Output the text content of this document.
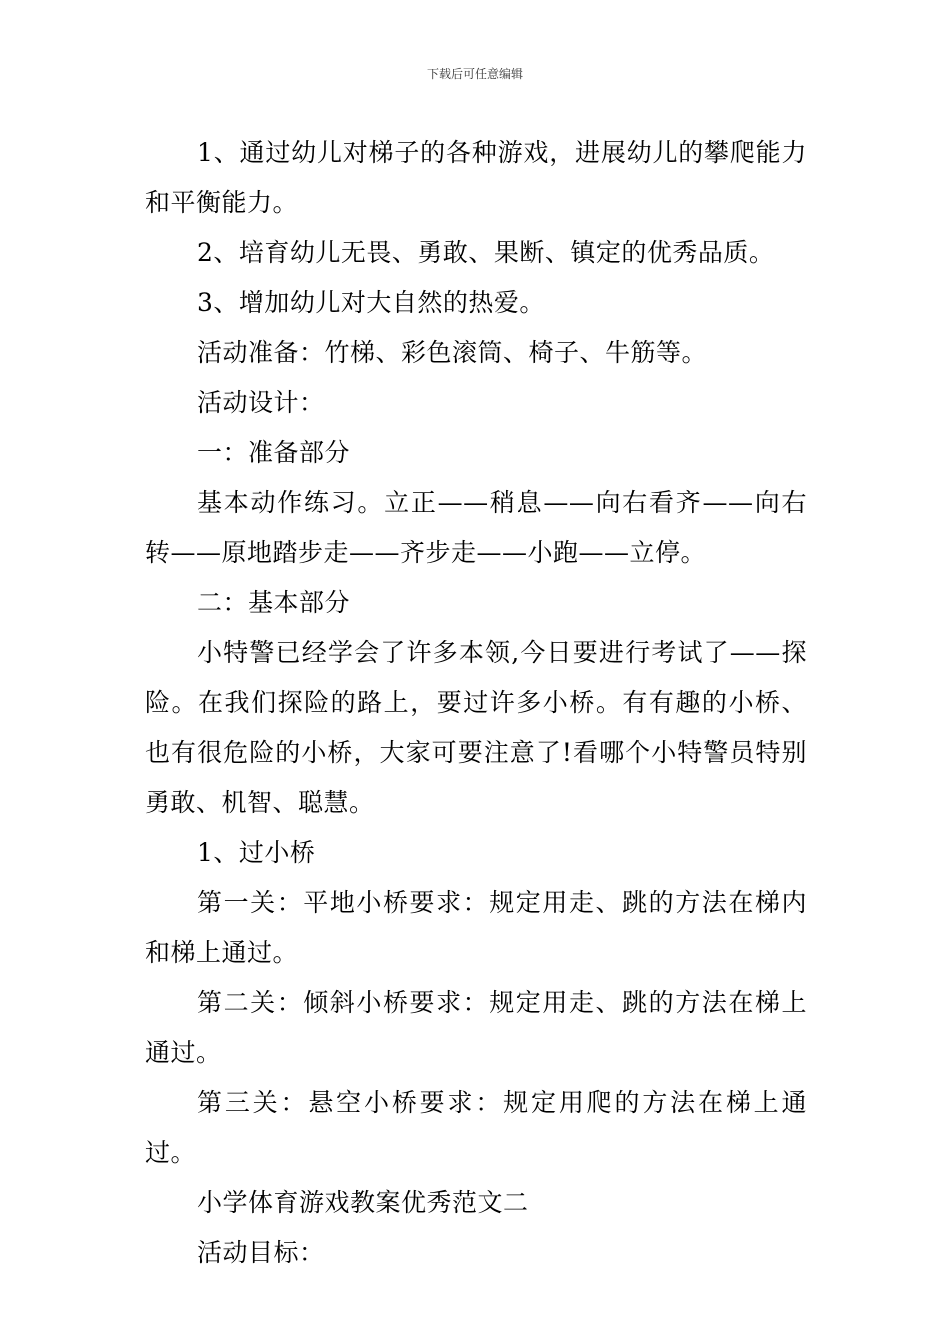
下载后可任意编辑

1、通过幼儿对梯子的各种游戏，进展幼儿的攀爬能力和平衡能力。

2、培育幼儿无畏、勇敢、果断、镇定的优秀品质。

3、增加幼儿对大自然的热爱。

活动准备：竹梯、彩色滚筒、椅子、牛筋等。

活动设计：

一：准备部分

基本动作练习。立正——稍息——向右看齐——向右转——原地踏步走——齐步走——小跑——立停。

二：基本部分

小特警已经学会了许多本领,今日要进行考试了——探险。在我们探险的路上，要过许多小桥。有有趣的小桥、也有很危险的小桥，大家可要注意了!看哪个小特警员特别勇敢、机智、聪慧。

1、过小桥

第一关：平地小桥要求：规定用走、跳的方法在梯内和梯上通过。

第二关：倾斜小桥要求：规定用走、跳的方法在梯上通过。

第三关：悬空小桥要求：规定用爬的方法在梯上通过。

小学体育游戏教案优秀范文二

活动目标：
